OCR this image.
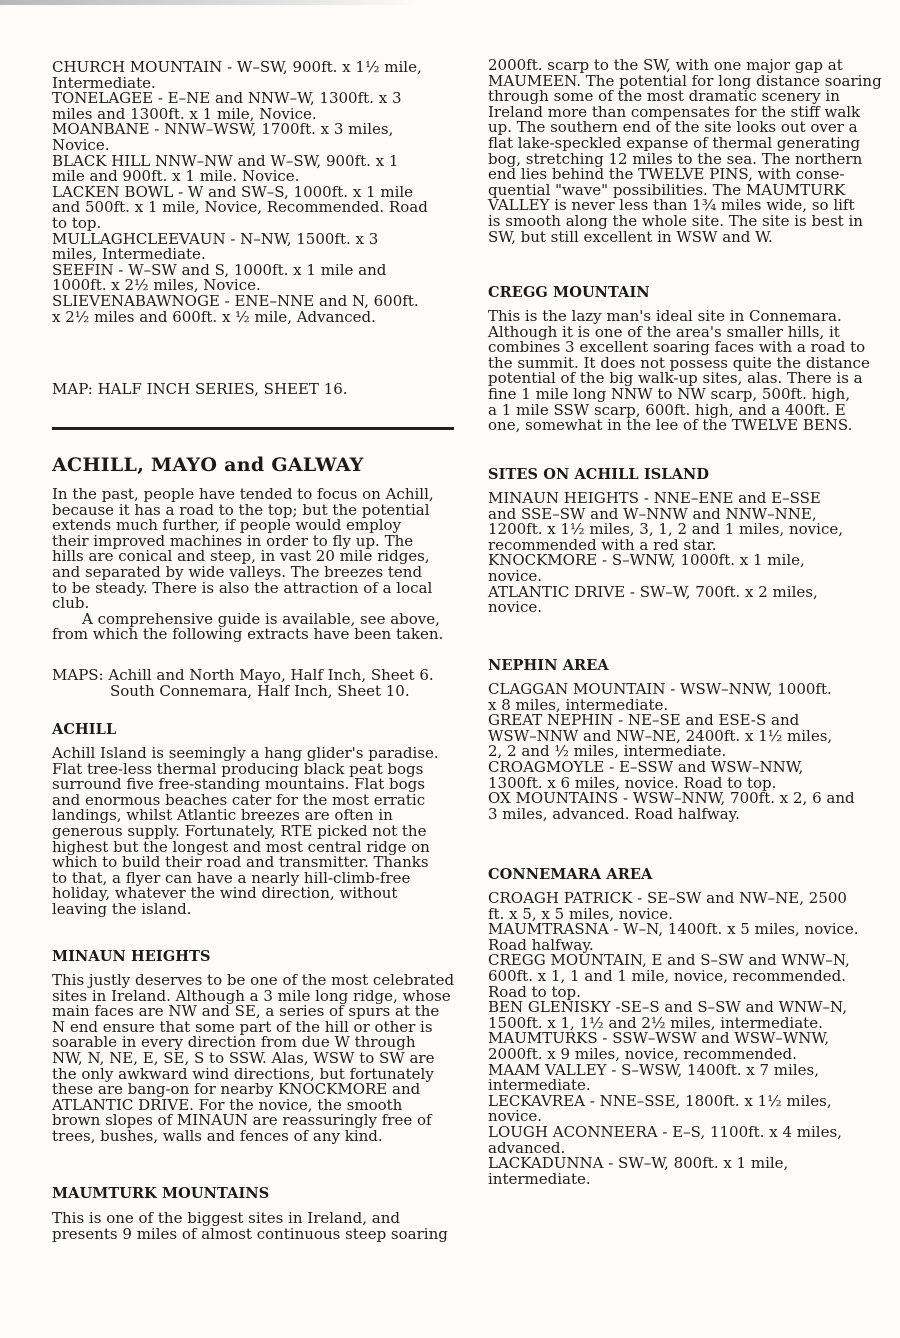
CHURCH MOUNTAIN - W–SW, 900ft. x 1½ mile,
Intermediate.
TONELAGEE - E–NE and NNW–W, 1300ft. x 3
miles and 1300ft. x 1 mile, Novice.
MOANBANE - NNW–WSW, 1700ft. x 3 miles,
Novice.
BLACK HILL NNW–NW and W–SW, 900ft. x 1
mile and 900ft. x 1 mile. Novice.
LACKEN BOWL - W and SW–S, 1000ft. x 1 mile
and 500ft. x 1 mile, Novice, Recommended. Road
to top.
MULLAGHCLEEVAUN - N–NW, 1500ft. x 3
miles, Intermediate.
SEEFIN - W–SW and S, 1000ft. x 1 mile and
1000ft. x 2½ miles, Novice.
SLIEVENABAWNOGE - ENE–NNE and N, 600ft.
x 2½ miles and 600ft. x ½ mile, Advanced.
MAP: HALF INCH SERIES, SHEET 16.
ACHILL, MAYO and GALWAY
In the past, people have tended to focus on Achill,
because it has a road to the top; but the potential
extends much further, if people would employ
their improved machines in order to fly up. The
hills are conical and steep, in vast 20 mile ridges,
and separated by wide valleys. The breezes tend
to be steady. There is also the attraction of a local
club.
A comprehensive guide is available, see above,
from which the following extracts have been taken.
MAPS: Achill and North Mayo, Half Inch, Sheet 6.
South Connemara, Half Inch, Sheet 10.
ACHILL
Achill Island is seemingly a hang glider's paradise.
Flat tree-less thermal producing black peat bogs
surround five free-standing mountains. Flat bogs
and enormous beaches cater for the most erratic
landings, whilst Atlantic breezes are often in
generous supply. Fortunately, RTE picked not the
highest but the longest and most central ridge on
which to build their road and transmitter. Thanks
to that, a flyer can have a nearly hill-climb-free
holiday, whatever the wind direction, without
leaving the island.
MINAUN HEIGHTS
This justly deserves to be one of the most celebrated
sites in Ireland. Although a 3 mile long ridge, whose
main faces are NW and SE, a series of spurs at the
N end ensure that some part of the hill or other is
soarable in every direction from due W through
NW, N, NE, E, SE, S to SSW. Alas, WSW to SW are
the only awkward wind directions, but fortunately
these are bang-on for nearby KNOCKMORE and
ATLANTIC DRIVE. For the novice, the smooth
brown slopes of MINAUN are reassuringly free of
trees, bushes, walls and fences of any kind.
MAUMTURK MOUNTAINS
This is one of the biggest sites in Ireland, and
presents 9 miles of almost continuous steep soaring
2000ft. scarp to the SW, with one major gap at
MAUMEEN. The potential for long distance soaring
through some of the most dramatic scenery in
Ireland more than compensates for the stiff walk
up. The southern end of the site looks out over a
flat lake-speckled expanse of thermal generating
bog, stretching 12 miles to the sea. The northern
end lies behind the TWELVE PINS, with conse-
quential "wave" possibilities. The MAUMTURK
VALLEY is never less than 1¾ miles wide, so lift
is smooth along the whole site. The site is best in
SW, but still excellent in WSW and W.
CREGG MOUNTAIN
This is the lazy man's ideal site in Connemara.
Although it is one of the area's smaller hills, it
combines 3 excellent soaring faces with a road to
the summit. It does not possess quite the distance
potential of the big walk-up sites, alas. There is a
fine 1 mile long NNW to NW scarp, 500ft. high,
a 1 mile SSW scarp, 600ft. high, and a 400ft. E
one, somewhat in the lee of the TWELVE BENS.
SITES ON ACHILL ISLAND
MINAUN HEIGHTS - NNE–ENE and E–SSE
and SSE–SW and W–NNW and NNW–NNE,
1200ft. x 1½ miles, 3, 1, 2 and 1 miles, novice,
recommended with a red star.
KNOCKMORE - S–WNW, 1000ft. x 1 mile,
novice.
ATLANTIC DRIVE - SW–W, 700ft. x 2 miles,
novice.
NEPHIN AREA
CLAGGAN MOUNTAIN - WSW–NNW, 1000ft.
x 8 miles, intermediate.
GREAT NEPHIN - NE–SE and ESE-S and
WSW–NNW and NW–NE, 2400ft. x 1½ miles,
2, 2 and ½ miles, intermediate.
CROAGMOYLE - E–SSW and WSW–NNW,
1300ft. x 6 miles, novice. Road to top.
OX MOUNTAINS - WSW–NNW, 700ft. x 2, 6 and
3 miles, advanced. Road halfway.
CONNEMARA AREA
CROAGH PATRICK - SE–SW and NW–NE, 2500
ft. x 5, x 5 miles, novice.
MAUMTRASNA - W–N, 1400ft. x 5 miles, novice.
Road halfway.
CREGG MOUNTAIN, E and S–SW and WNW–N,
600ft. x 1, 1 and 1 mile, novice, recommended.
Road to top.
BEN GLENISKY -SE–S and S–SW and WNW–N,
1500ft. x 1, 1½ and 2½ miles, intermediate.
MAUMTURKS - SSW–WSW and WSW–WNW,
2000ft. x 9 miles, novice, recommended.
MAAM VALLEY - S–WSW, 1400ft. x 7 miles,
intermediate.
LECKAVREA - NNE–SSE, 1800ft. x 1½ miles,
novice.
LOUGH ACONNEERA - E–S, 1100ft. x 4 miles,
advanced.
LACKADUNNA - SW–W, 800ft. x 1 mile,
intermediate.
